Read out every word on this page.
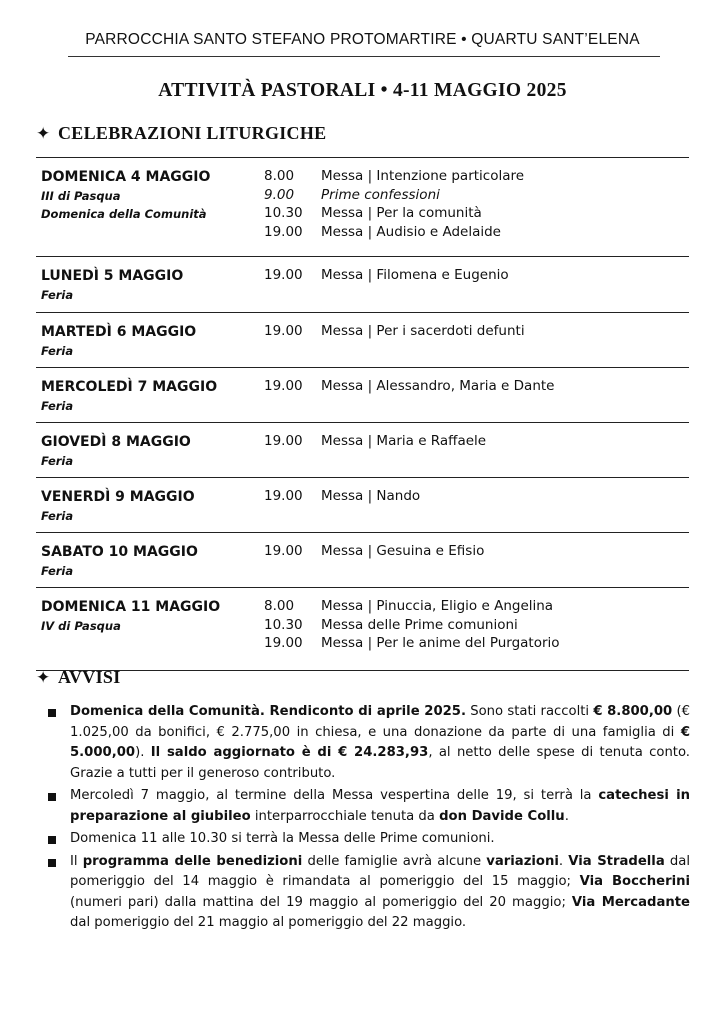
PARROCCHIA SANTO STEFANO PROTOMARTIRE • QUARTU SANT’ELENA
ATTIVITÀ PASTORALI • 4-11 MAGGIO 2025
✦ CELEBRAZIONI LITURGICHE
DOMENICA 4 MAGGIO
III di Pasqua
Domenica della Comunità
8.00 Messa | Intenzione particolare
9.00 Prime confessioni
10.30 Messa | Per la comunità
19.00 Messa | Audisio e Adelaide
LUNEDÌ 5 MAGGIO
Feria
19.00 Messa | Filomena e Eugenio
MARTEDÌ 6 MAGGIO
Feria
19.00 Messa | Per i sacerdoti defunti
MERCOLEDÌ 7 MAGGIO
Feria
19.00 Messa | Alessandro, Maria e Dante
GIOVEDÌ 8 MAGGIO
Feria
19.00 Messa | Maria e Raffaele
VENERDÌ 9 MAGGIO
Feria
19.00 Messa | Nando
SABATO 10 MAGGIO
Feria
19.00 Messa | Gesuina e Efisio
DOMENICA 11 MAGGIO
IV di Pasqua
8.00 Messa | Pinuccia, Eligio e Angelina
10.30 Messa delle Prime comunioni
19.00 Messa | Per le anime del Purgatorio
✦ AVVISI
Domenica della Comunità. Rendiconto di aprile 2025. Sono stati raccolti € 8.800,00 (€ 1.025,00 da bonifici, € 2.775,00 in chiesa, e una donazione da parte di una famiglia di € 5.000,00). Il saldo aggiornato è di € 24.283,93, al netto delle spese di tenuta conto. Grazie a tutti per il generoso contributo.
Mercoledì 7 maggio, al termine della Messa vespertina delle 19, si terrà la catechesi in preparazione al giubileo interparrocchiale tenuta da don Davide Collu.
Domenica 11 alle 10.30 si terrà la Messa delle Prime comunioni.
Il programma delle benedizioni delle famiglie avrà alcune variazioni. Via Stradella dal pomeriggio del 14 maggio è rimandata al pomeriggio del 15 maggio; Via Boccherini (numeri pari) dalla mattina del 19 maggio al pomeriggio del 20 maggio; Via Mercadante dal pomeriggio del 21 maggio al pomeriggio del 22 maggio.
